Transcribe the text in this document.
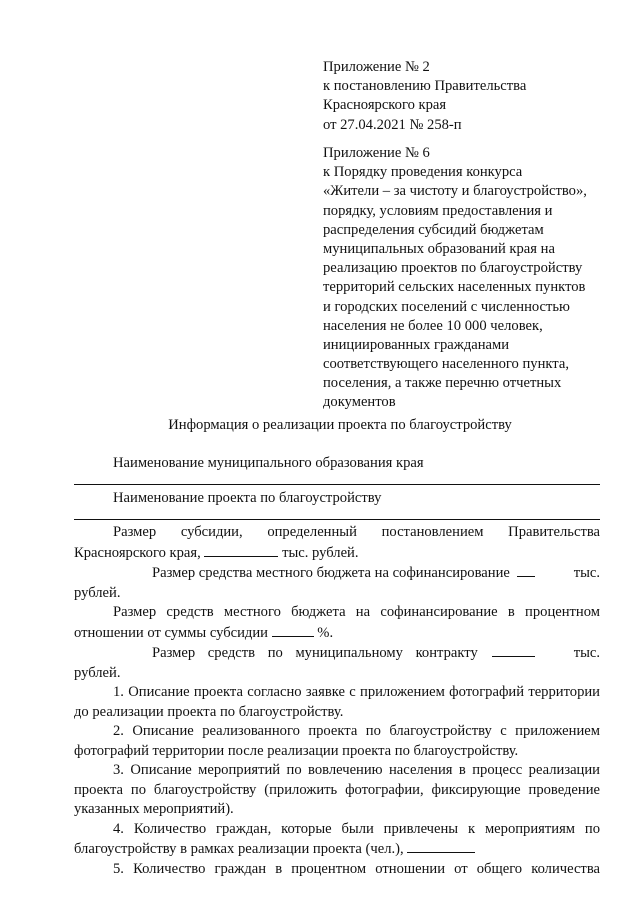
Приложение № 2
к постановлению Правительства
Красноярского края
от 27.04.2021 № 258-п
Приложение № 6
к Порядку проведения конкурса
«Жители – за чистоту и благоустройство»,
порядку, условиям предоставления и
распределения субсидий бюджетам
муниципальных образований края на
реализацию проектов по благоустройству
территорий сельских населенных пунктов
и городских поселений с численностью
населения не более 10 000 человек,
инициированных гражданами
соответствующего населенного пункта,
поселения, а также перечню отчетных
документов
Информация о реализации проекта по благоустройству
Наименование муниципального образования края
Наименование проекта по благоустройству

Размер субсидии, определенный постановлением Правительства

Красноярского края,	тыс. рублей.

Размер средства местного бюджета на софинансирование	тыс.

рублей.

Размер средств местного бюджета на софинансирование в процентном

отношении от суммы субсидии	%.

Размер средств по муниципальному контракту	тыс.

рублей.

1. Описание проекта согласно заявке с приложением фотографий территории до реализации проекта по благоустройству.

2. Описание реализованного проекта по благоустройству с приложением фотографий территории после реализации проекта по благоустройству.

3. Описание мероприятий по вовлечению населения в процесс реализации проекта по благоустройству (приложить фотографии, фиксирующие проведение указанных мероприятий).

4. Количество граждан, которые были привлечены к мероприятиям по благоустройству в рамках реализации проекта (чел.),

5. Количество граждан в процентном отношении от общего количества
